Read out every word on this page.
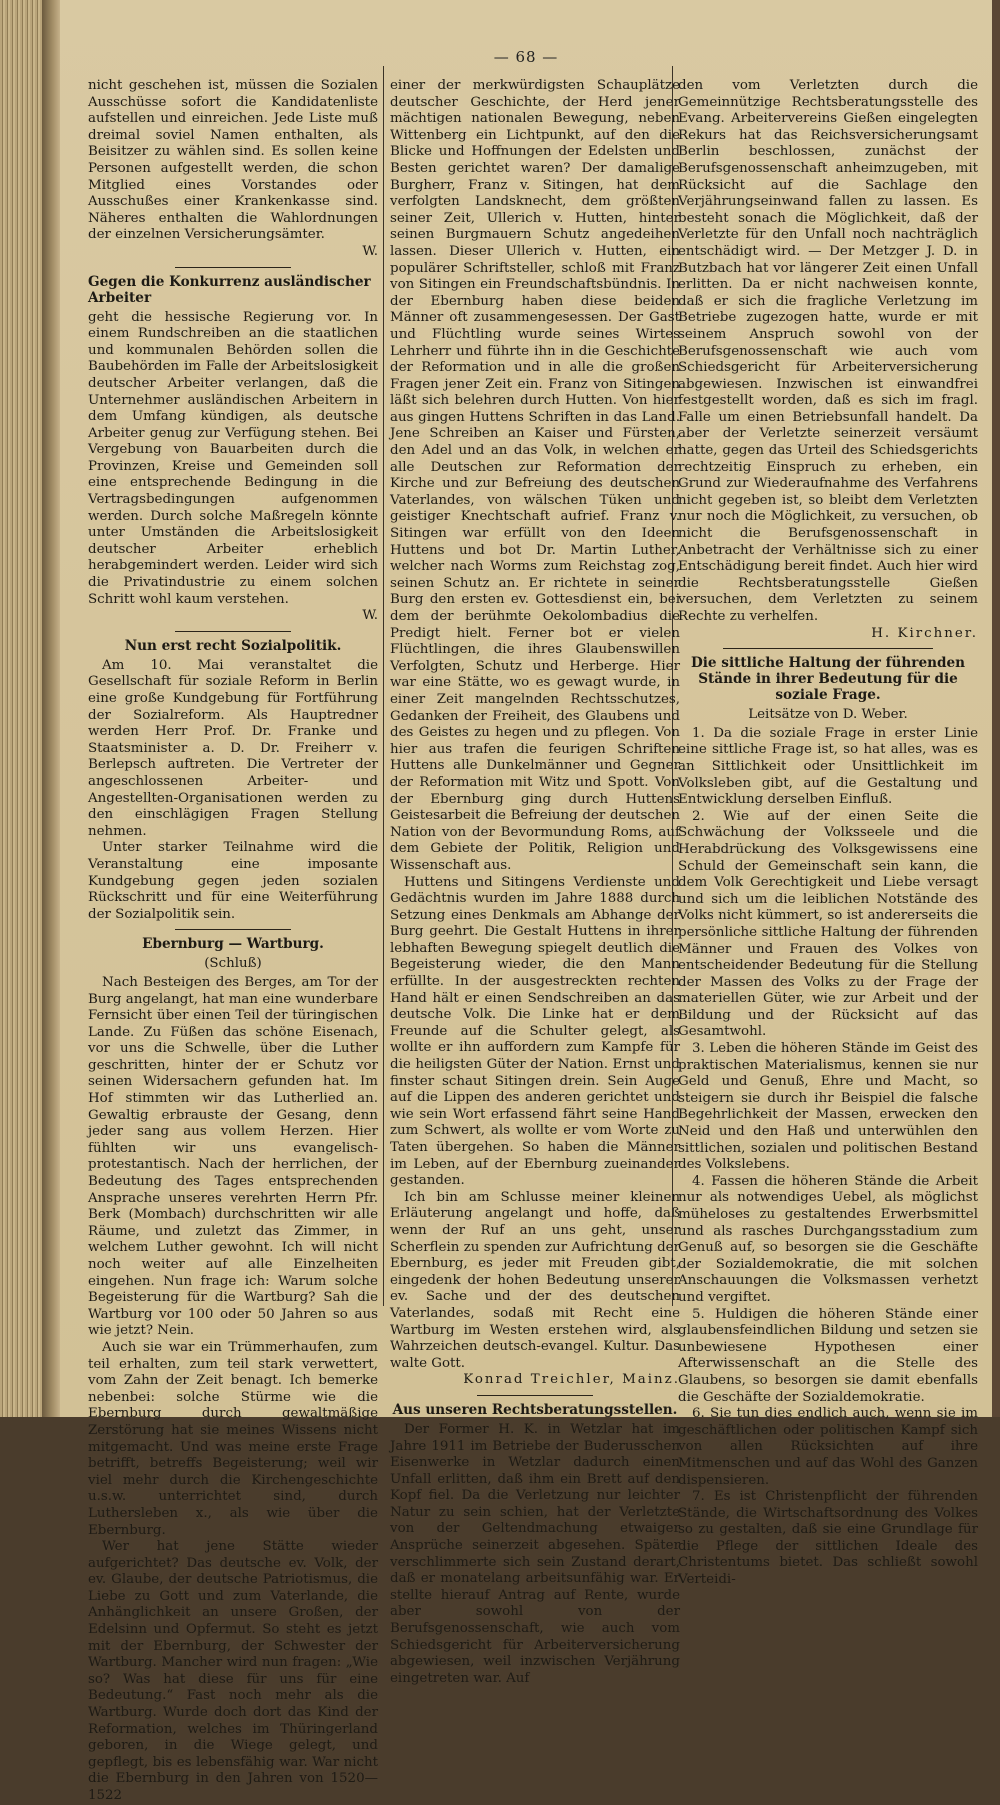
— 68 —

nicht geschehen ist, müssen die Sozialen Ausschüsse sofort die Kandidatenliste aufstellen und einreichen. Jede Liste muß dreimal soviel Namen enthalten, als Beisitzer zu wählen sind. Es sollen keine Personen aufgestellt werden, die schon Mitglied eines Vorstandes oder Ausschußes einer Krankenkasse sind. Näheres enthalten die Wahlordnungen der einzelnen Versicherungsämter.

W.

Gegen die Konkurrenz ausländischer Arbeiter

geht die hessische Regierung vor. In einem Rundschreiben an die staatlichen und kommunalen Behörden sollen die Baubehörden im Falle der Arbeitslosigkeit deutscher Arbeiter verlangen, daß die Unternehmer ausländischen Arbeitern in dem Umfang kündigen, als deutsche Arbeiter genug zur Verfügung stehen. Bei Vergebung von Bauarbeiten durch die Provinzen, Kreise und Gemeinden soll eine entsprechende Bedingung in die Vertragsbedingungen aufgenommen werden. Durch solche Maßregeln könnte unter Umständen die Arbeitslosigkeit deutscher Arbeiter erheblich herabgemindert werden. Leider wird sich die Privatindustrie zu einem solchen Schritt wohl kaum verstehen.

W.

Nun erst recht Sozialpolitik.

Am 10. Mai veranstaltet die Gesellschaft für soziale Reform in Berlin eine große Kundgebung für Fortführung der Sozialreform. Als Hauptredner werden Herr Prof. Dr. Franke und Staatsminister a. D. Dr. Freiherr v. Berlepsch auftreten. Die Vertreter der angeschlossenen Arbeiter- und Angestellten-Organisationen werden zu den einschlägigen Fragen Stellung nehmen.

Unter starker Teilnahme wird die Veranstaltung eine imposante Kundgebung gegen jeden sozialen Rückschritt und für eine Weiterführung der Sozialpolitik sein.

Ebernburg — Wartburg.
(Schluß)

Nach Besteigen des Berges, am Tor der Burg angelangt, hat man eine wunderbare Fernsicht über einen Teil der türingischen Lande. Zu Füßen das schöne Eisenach, vor uns die Schwelle, über die Luther geschritten, hinter der er Schutz vor seinen Widersachern gefunden hat. Im Hof stimmten wir das Lutherlied an. Gewaltig erbrauste der Gesang, denn jeder sang aus vollem Herzen. Hier fühlten wir uns evangelisch-protestantisch. Nach der herrlichen, der Bedeutung des Tages entsprechenden Ansprache unseres verehrten Herrn Pfr. Berk (Mombach) durchschritten wir alle Räume, und zuletzt das Zimmer, in welchem Luther gewohnt. Ich will nicht noch weiter auf alle Einzelheiten eingehen. Nun frage ich: Warum solche Begeisterung für die Wartburg? Sah die Wartburg vor 100 oder 50 Jahren so aus wie jetzt? Nein.

Auch sie war ein Trümmerhaufen, zum teil erhalten, zum teil stark verwettert, vom Zahn der Zeit benagt. Ich bemerke nebenbei: solche Stürme wie die Ebernburg durch gewaltmäßige Zerstörung hat sie meines Wissens nicht mitgemacht. Und was meine erste Frage betrifft, betreffs Begeisterung; weil wir viel mehr durch die Kirchengeschichte u.s.w. unterrichtet sind, durch Luthersleben x., als wie über die Ebernburg.

Wer hat jene Stätte wieder aufgerichtet? Das deutsche ev. Volk, der ev. Glaube, der deutsche Patriotismus, die Liebe zu Gott und zum Vaterlande, die Anhänglichkeit an unsere Großen, der Edelsinn und Opfermut. So steht es jetzt mit der Ebernburg, der Schwester der Wartburg. Mancher wird nun fragen: „Wie so? Was hat diese für uns für eine Bedeutung.“ Fast noch mehr als die Wartburg. Wurde doch dort das Kind der Reformation, welches im Thüringerland geboren, in die Wiege gelegt, und gepflegt, bis es lebensfähig war. War nicht die Ebernburg in den Jahren von 1520—1522

einer der merkwürdigsten Schauplätze deutscher Geschichte, der Herd jener mächtigen nationalen Bewegung, neben Wittenberg ein Lichtpunkt, auf den die Blicke und Hoffnungen der Edelsten und Besten gerichtet waren? Der damalige Burgherr, Franz v. Sitingen, hat dem verfolgten Landsknecht, dem größten seiner Zeit, Ullerich v. Hutten, hinter seinen Burgmauern Schutz angedeihen lassen. Dieser Ullerich v. Hutten, ein populärer Schriftsteller, schloß mit Franz von Sitingen ein Freundschaftsbündnis. In der Ebernburg haben diese beiden Männer oft zusammengesessen. Der Gast und Flüchtling wurde seines Wirtes Lehrherr und führte ihn in die Geschichte der Reformation und in alle die großen Fragen jener Zeit ein. Franz von Sitingen läßt sich belehren durch Hutten. Von hier aus gingen Huttens Schriften in das Land. Jene Schreiben an Kaiser und Fürsten, den Adel und an das Volk, in welchen er alle Deutschen zur Reformation der Kirche und zur Befreiung des deutschen Vaterlandes, von wälschen Tüken und geistiger Knechtschaft aufrief. Franz v. Sitingen war erfüllt von den Ideen Huttens und bot Dr. Martin Luther, welcher nach Worms zum Reichstag zog, seinen Schutz an. Er richtete in seiner Burg den ersten ev. Gottesdienst ein, bei dem der berühmte Oekolombadius die Predigt hielt. Ferner bot er vielen Flüchtlingen, die ihres Glaubenswillen Verfolgten, Schutz und Herberge. Hier war eine Stätte, wo es gewagt wurde, in einer Zeit mangelnden Rechtsschutzes, Gedanken der Freiheit, des Glaubens und des Geistes zu hegen und zu pflegen. Von hier aus trafen die feurigen Schriften Huttens alle Dunkelmänner und Gegner der Reformation mit Witz und Spott. Von der Ebernburg ging durch Huttens Geistesarbeit die Befreiung der deutschen Nation von der Bevormundung Roms, auf dem Gebiete der Politik, Religion und Wissenschaft aus.

Huttens und Sitingens Verdienste und Gedächtnis wurden im Jahre 1888 durch Setzung eines Denkmals am Abhange der Burg geehrt. Die Gestalt Huttens in ihrer lebhaften Bewegung spiegelt deutlich die Begeisterung wieder, die den Mann erfüllte. In der ausgestreckten rechten Hand hält er einen Sendschreiben an das deutsche Volk. Die Linke hat er dem Freunde auf die Schulter gelegt, als wollte er ihn auffordern zum Kampfe für die heiligsten Güter der Nation. Ernst und finster schaut Sitingen drein. Sein Auge auf die Lippen des anderen gerichtet und wie sein Wort erfassend fährt seine Hand zum Schwert, als wollte er vom Worte zu Taten übergehen. So haben die Männer im Leben, auf der Ebernburg zueinander gestanden.

Ich bin am Schlusse meiner kleinen Erläuterung angelangt und hoffe, daß wenn der Ruf an uns geht, unser Scherflein zu spenden zur Aufrichtung der Ebernburg, es jeder mit Freuden gibt, eingedenk der hohen Bedeutung unserer ev. Sache und der des deutschen Vaterlandes, sodaß mit Recht eine Wartburg im Westen erstehen wird, als Wahrzeichen deutsch-evangel. Kultur. Das walte Gott.

Konrad Treichler, Mainz.

Aus unseren Rechtsberatungsstellen.

Der Former H. K. in Wetzlar hat im Jahre 1911 im Betriebe der Buderusschen Eisenwerke in Wetzlar dadurch einen Unfall erlitten, daß ihm ein Brett auf den Kopf fiel. Da die Verletzung nur leichter Natur zu sein schien, hat der Verletzte von der Geltendmachung etwaiger Ansprüche seinerzeit abgesehen. Später verschlimmerte sich sein Zustand derart, daß er monatelang arbeitsunfähig war. Er stellte hierauf Antrag auf Rente, wurde aber sowohl von der Berufsgenossenschaft, wie auch vom Schiedsgericht für Arbeiterversicherung abgewiesen, weil inzwischen Verjährung eingetreten war. Auf

den vom Verletzten durch die Gemeinnützige Rechtsberatungsstelle des Evang. Arbeitervereins Gießen eingelegten Rekurs hat das Reichsversicherungsamt Berlin beschlossen, zunächst der Berufsgenossenschaft anheimzugeben, mit Rücksicht auf die Sachlage den Verjährungseinwand fallen zu lassen. Es besteht sonach die Möglichkeit, daß der Verletzte für den Unfall noch nachträglich entschädigt wird. — Der Metzger J. D. in Butzbach hat vor längerer Zeit einen Unfall erlitten. Da er nicht nachweisen konnte, daß er sich die fragliche Verletzung im Betriebe zugezogen hatte, wurde er mit seinem Anspruch sowohl von der Berufsgenossenschaft wie auch vom Schiedsgericht für Arbeiterversicherung abgewiesen. Inzwischen ist einwandfrei festgestellt worden, daß es sich im fragl. Falle um einen Betriebsunfall handelt. Da aber der Verletzte seinerzeit versäumt hatte, gegen das Urteil des Schiedsgerichts rechtzeitig Einspruch zu erheben, ein Grund zur Wiederaufnahme des Verfahrens nicht gegeben ist, so bleibt dem Verletzten nur noch die Möglichkeit, zu versuchen, ob nicht die Berufsgenossenschaft in Anbetracht der Verhältnisse sich zu einer Entschädigung bereit findet. Auch hier wird die Rechtsberatungsstelle Gießen versuchen, dem Verletzten zu seinem Rechte zu verhelfen.

H. Kirchner.

Die sittliche Haltung der führenden Stände in ihrer Bedeutung für die soziale Frage.
Leitsätze von D. Weber.

1. Da die soziale Frage in erster Linie eine sittliche Frage ist, so hat alles, was es an Sittlichkeit oder Unsittlichkeit im Volksleben gibt, auf die Gestaltung und Entwicklung derselben Einfluß.

2. Wie auf der einen Seite die Schwächung der Volksseele und die Herabdrückung des Volksgewissens eine Schuld der Gemeinschaft sein kann, die dem Volk Gerechtigkeit und Liebe versagt und sich um die leiblichen Notstände des Volks nicht kümmert, so ist andererseits die persönliche sittliche Haltung der führenden Männer und Frauen des Volkes von entscheidender Bedeutung für die Stellung der Massen des Volks zu der Frage der materiellen Güter, wie zur Arbeit und der Bildung und der Rücksicht auf das Gesamtwohl.

3. Leben die höheren Stände im Geist des praktischen Materialismus, kennen sie nur Geld und Genuß, Ehre und Macht, so steigern sie durch ihr Beispiel die falsche Begehrlichkeit der Massen, erwecken den Neid und den Haß und unterwühlen den sittlichen, sozialen und politischen Bestand des Volkslebens.

4. Fassen die höheren Stände die Arbeit nur als notwendiges Uebel, als möglichst müheloses zu gestaltendes Erwerbsmittel und als rasches Durchgangsstadium zum Genuß auf, so besorgen sie die Geschäfte der Sozialdemokratie, die mit solchen Anschauungen die Volksmassen verhetzt und vergiftet.

5. Huldigen die höheren Stände einer glaubensfeindlichen Bildung und setzen sie unbewiesene Hypothesen einer Afterwissenschaft an die Stelle des Glaubens, so besorgen sie damit ebenfalls die Geschäfte der Sozialdemokratie.

6. Sie tun dies endlich auch, wenn sie im geschäftlichen oder politischen Kampf sich von allen Rücksichten auf ihre Mitmenschen und auf das Wohl des Ganzen dispensieren.

7. Es ist Christenpflicht der führenden Stände, die Wirtschaftsordnung des Volkes so zu gestalten, daß sie eine Grundlage für die Pflege der sittlichen Ideale des Christentums bietet. Das schließt sowohl Verteidi-
